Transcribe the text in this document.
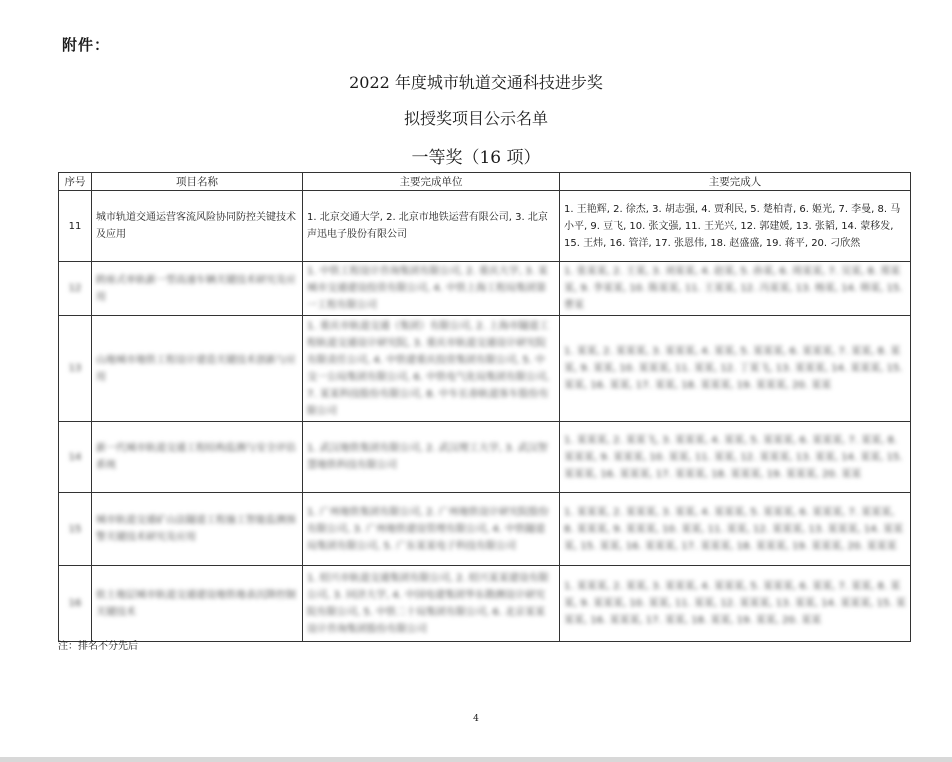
附件：
2022 年度城市轨道交通科技进步奖
拟授奖项目公示名单
一等奖（16 项）
序号	项目名称	主要完成单位	主要完成人
11	城市轨道交通运营客流风险协同防控关键技术及应用	1. 北京交通大学, 2. 北京市地铁运营有限公司, 3. 北京声迅电子股份有限公司	1. 王艳辉, 2. 徐杰, 3. 胡志强, 4. 贾利民, 5. 楚柏青, 6. 姬光, 7. 李曼, 8. 马小平, 9. 豆飞, 10. 张文强, 11. 王光兴, 12. 郭建媛, 13. 张韬, 14. 蒙移发, 15. 王炜, 16. 管洋, 17. 张恩伟, 18. 赵盛盛, 19. 蒋平, 20. 刁欣然
12	跨座式单轨新一型高速车辆关键技术研究及应用	1. 中铁工程设计咨询集团有限公司, 2. 重庆大学, 3. 某城市交通建设投资有限公司, 4. 中铁上海工程局集团第一工程有限公司	1. 张某某, 2. 王某, 3. 刘某某, 4. 赵某, 5. 孙某, 6. 周某某, 7. 吴某, 8. 郑某某, 9. 李某某, 10. 陈某某, 11. 王某某, 12. 冯某某, 13. 杨某, 14. 韩某, 15. 曹某
13	山地城市地铁工程设计建造关键技术创新与应用	1. 重庆市轨道交通（集团）有限公司, 2. 上海市隧道工程轨道交通设计研究院, 3. 重庆市轨道交通设计研究院有限责任公司, 4. 中铁建重庆投资集团有限公司, 5. 中交一公局集团有限公司, 6. 中铁电气化局集团有限公司, 7. 某某科技股份有限公司, 8. 中车长春轨道客车股份有限公司	1. 某某, 2. 某某某, 3. 某某某, 4. 某某, 5. 某某某, 6. 某某某, 7. 某某, 8. 某某, 9. 某某, 10. 某某某, 11. 某某, 12. 丁某飞, 13. 某某某, 14. 某某某, 15. 某某, 16. 某某, 17. 某某, 18. 某某某, 19. 某某某, 20. 某某
14	新一代城市轨道交通工程结构监测与安全评估系统	1. 武汉地铁集团有限公司, 2. 武汉理工大学, 3. 武汉智慧地铁科技有限公司	1. 某某某, 2. 某某飞, 3. 某某某, 4. 某某, 5. 某某某, 6. 某某某, 7. 某某, 8. 某某某, 9. 某某某, 10. 某某, 11. 某某, 12. 某某某, 13. 某某, 14. 某某, 15. 某某某, 16. 某某某, 17. 某某某, 18. 某某某, 19. 某某某, 20. 某某
15	城市轨道交通矿山法隧道工程施工智能监测预警关键技术研究及应用	1. 广州地铁集团有限公司, 2. 广州地铁设计研究院股份有限公司, 3. 广州地铁建设管理有限公司, 4. 中铁隧道局集团有限公司, 5. 广东某某电子科技有限公司	1. 某某某, 2. 某某某, 3. 某某, 4. 某某某, 5. 某某某, 6. 某某某, 7. 某某某, 8. 某某某, 9. 某某某, 10. 某某, 11. 某某, 12. 某某某, 13. 某某某, 14. 某某某, 15. 某某, 16. 某某某, 17. 某某某, 18. 某某某, 19. 某某某, 20. 某某某
16	软土地层城市轨道交通建设地铁地表沉降控制关键技术	1. 绍兴市轨道交通集团有限公司, 2. 绍兴某某建设有限公司, 3. 同济大学, 4. 中国电建集团华东勘测设计研究院有限公司, 5. 中铁二十局集团有限公司, 6. 北京某某设计咨询集团股份有限公司	1. 某某某, 2. 某某, 3. 某某某, 4. 某某某, 5. 某某某, 6. 某某, 7. 某某, 8. 某某, 9. 某某某, 10. 某某, 11. 某某, 12. 某某某, 13. 某某, 14. 某某某, 15. 某某某, 16. 某某某, 17. 某某, 18. 某某, 19. 某某, 20. 某某
注：排名不分先后
4
